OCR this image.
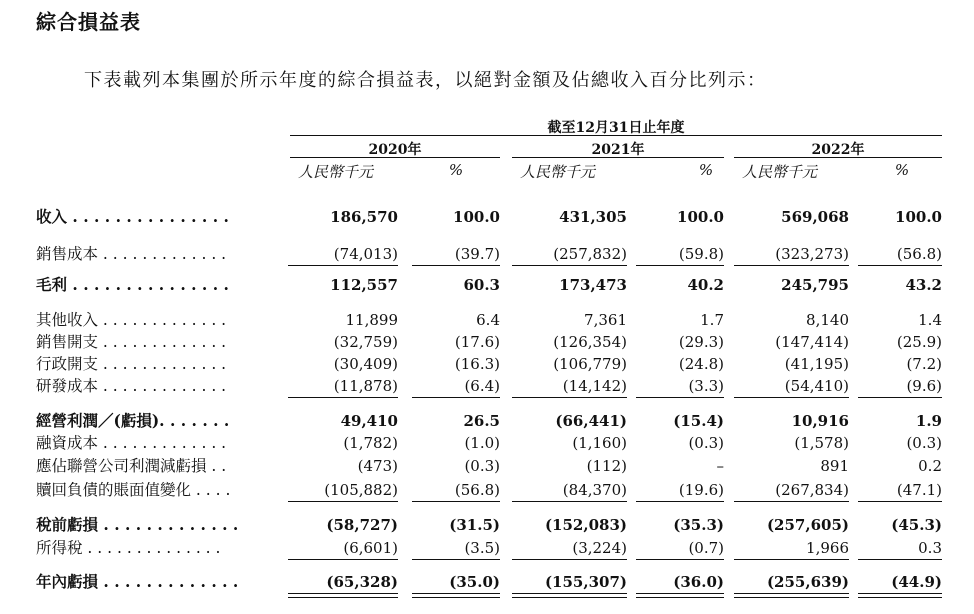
綜合損益表
下表載列本集團於所示年度的綜合損益表，以絕對金額及佔總收入百分比列示：
截至12月31日止年度
2020年	2021年	2022年
人民幣千元	%	人民幣千元	% 人民幣千元	%
收入 . . . . . . . . . . . . . . .	186,570	100.0	431,305	100.0	569,068	100.0
銷售成本 . . . . . . . . . . . . .	(74,013)	(39.7)	(257,832)	(59.8)	(323,273)	(56.8)
毛利 . . . . . . . . . . . . . . .	112,557	60.3	173,473	40.2	245,795	43.2
其他收入 . . . . . . . . . . . . .	11,899	6.4	7,361	1.7	8,140	1.4
銷售開支 . . . . . . . . . . . . .	(32,759)	(17.6)	(126,354)	(29.3)	(147,414)	(25.9)
行政開支 . . . . . . . . . . . . .	(30,409)	(16.3)	(106,779)	(24.8)	(41,195)	(7.2)
研發成本 . . . . . . . . . . . . .	(11,878)	(6.4)	(14,142)	(3.3)	(54,410)	(9.6)
經營利潤／(虧損). . . . . . .	49,410	26.5	(66,441)	(15.4)	10,916	1.9
融資成本 . . . . . . . . . . . . .	(1,782)	(1.0)	(1,160)	(0.3)	(1,578)	(0.3)
應佔聯營公司利潤減虧損 . .	(473)	(0.3)	(112)	–	891	0.2
贖回負債的賬面值變化 . . . .	(105,882)	(56.8)	(84,370)	(19.6)	(267,834)	(47.1)
稅前虧損 . . . . . . . . . . . . .	(58,727)	(31.5)	(152,083)	(35.3)	(257,605)	(45.3)
所得稅 . . . . . . . . . . . . . .	(6,601)	(3.5)	(3,224)	(0.7)	1,966	0.3
年內虧損 . . . . . . . . . . . . .	(65,328)	(35.0)	(155,307)	(36.0)	(255,639)	(44.9)
